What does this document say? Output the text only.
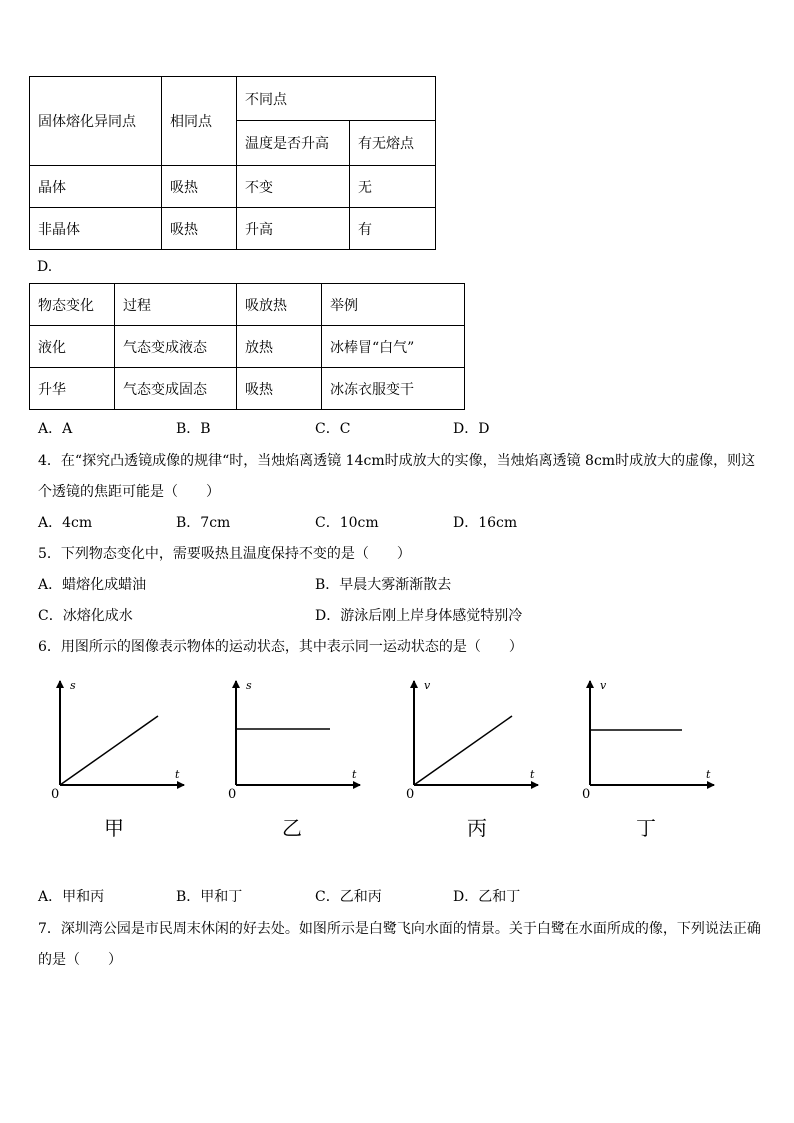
固体熔化异同点	相同点	不同点	
		温度是否升高	有无熔点
晶体	吸热	不变	无
非晶体	吸热	升高	有
D.
物态变化	过程	吸放热	举例
液化	气态变成液态	放热	冰棒冒“白气”
升华	气态变成固态	吸热	冰冻衣服变干
A．A	B．B	C．C	D．D
4．在“探究凸透镜成像的规律“时，当烛焰离透镜 14cm时成放大的实像，当烛焰离透镜 8cm时成放大的虚像，则这
个透镜的焦距可能是（　　）
A．4cm	B．7cm	C．10cm	D．16cm
5．下列物态变化中，需要吸热且温度保持不变的是（　　）
A．蜡熔化成蜡油	B．早晨大雾渐渐散去
C．冰熔化成水	D．游泳后刚上岸身体感觉特别冷
6．用图所示的图像表示物体的运动状态，其中表示同一运动状态的是（　　）
s
t
0
s
t
0
v
t
0
v
t
0
甲	乙	丙	丁
A．甲和丙	B．甲和丁	C．乙和丙	D．乙和丁
7．深圳湾公园是市民周末休闲的好去处。如图所示是白鹭飞向水面的情景。关于白鹭在水面所成的像，下列说法正确
的是（　　）
